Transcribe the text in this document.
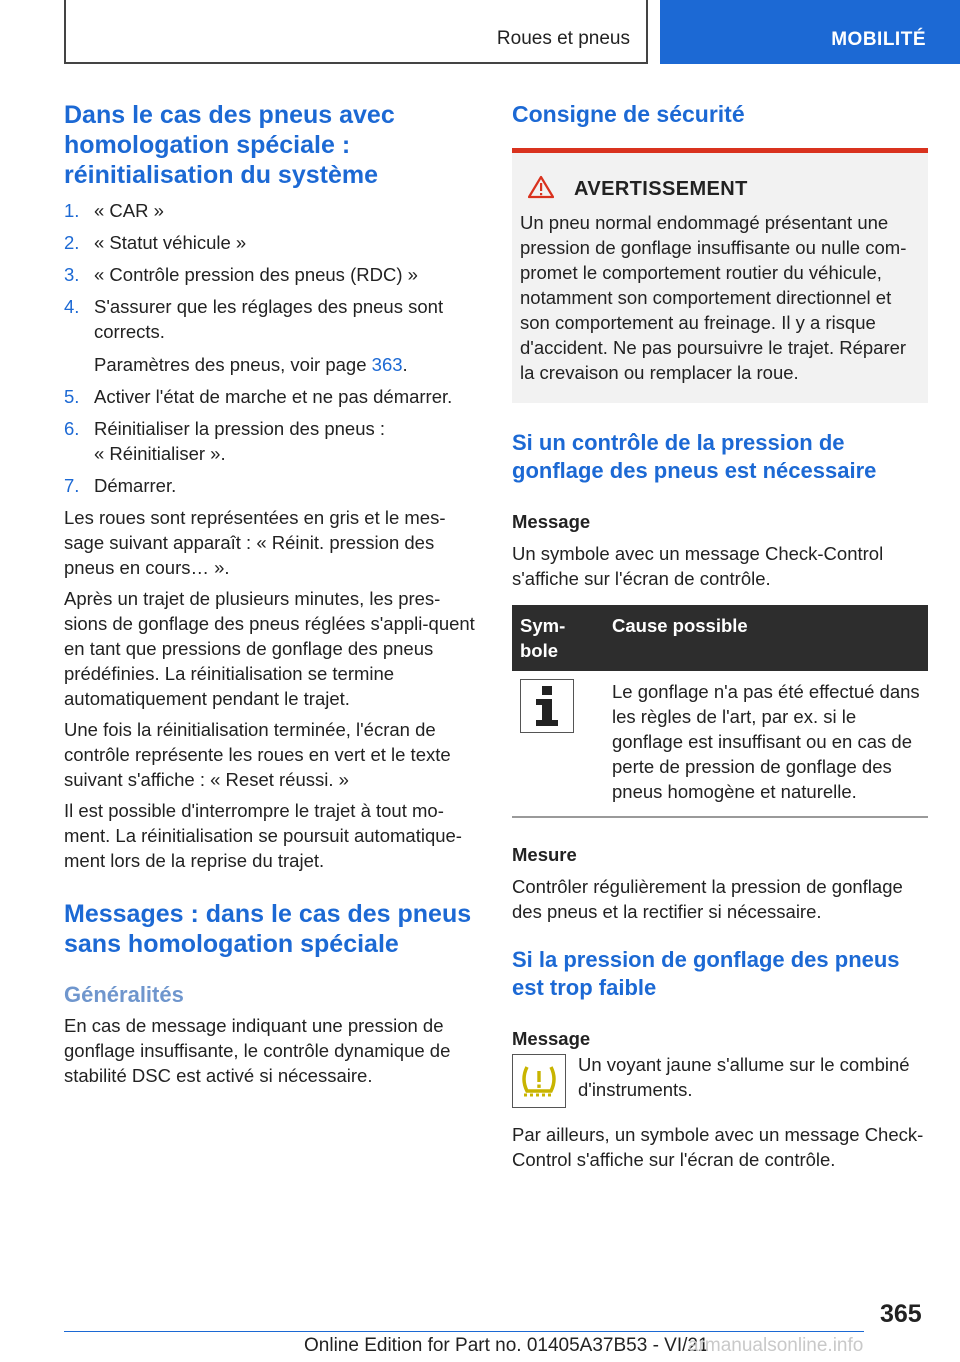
Roues et pneus	MOBILITÉ
Dans le cas des pneus avec homologation spéciale : réinitialisation du système
1. « CAR »
2. « Statut véhicule »
3. « Contrôle pression des pneus (RDC) »
4. S'assurer que les réglages des pneus sont corrects.
Paramètres des pneus, voir page 363.
5. Activer l'état de marche et ne pas démarrer.
6. Réinitialiser la pression des pneus :
« Réinitialiser ».
7. Démarrer.

Les roues sont représentées en gris et le mes-sage suivant apparaît : « Réinit. pression des pneus en cours… ».

Après un trajet de plusieurs minutes, les pres-sions de gonflage des pneus réglées s'appli-quent en tant que pressions de gonflage des pneus prédéfinies. La réinitialisation se termine automatiquement pendant le trajet.

Une fois la réinitialisation terminée, l'écran de contrôle représente les roues en vert et le texte suivant s'affiche : « Reset réussi. »

Il est possible d'interrompre le trajet à tout mo-ment. La réinitialisation se poursuit automatique-ment lors de la reprise du trajet.

Messages : dans le cas des pneus sans homologation spéciale
Généralités

En cas de message indiquant une pression de gonflage insuffisante, le contrôle dynamique de stabilité DSC est activé si nécessaire.

Consigne de sécurité
AVERTISSEMENT

Un pneu normal endommagé présentant une pression de gonflage insuffisante ou nulle com-promet le comportement routier du véhicule, notamment son comportement directionnel et son comportement au freinage. Il y a risque d'accident. Ne pas poursuivre le trajet. Réparer la crevaison ou remplacer la roue.

Si un contrôle de la pression de gonflage des pneus est nécessaire

Message

Un symbole avec un message Check-Control s'affiche sur l'écran de contrôle.

Sym-bole	Cause possible

	Le gonflage n'a pas été effectué dans les règles de l'art, par ex. si le gonflage est insuffisant ou en cas de perte de pression de gonflage des pneus homogène et naturelle.

Mesure

Contrôler régulièrement la pression de gonflage des pneus et la rectifier si nécessaire.

Si la pression de gonflage des pneus est trop faible

Message

Un voyant jaune s'allume sur le combiné d'instruments.

Par ailleurs, un symbole avec un message Check-Control s'affiche sur l'écran de contrôle.

365
Online Edition for Part no. 01405A37B53 - VI/21
armanualsonline.info
